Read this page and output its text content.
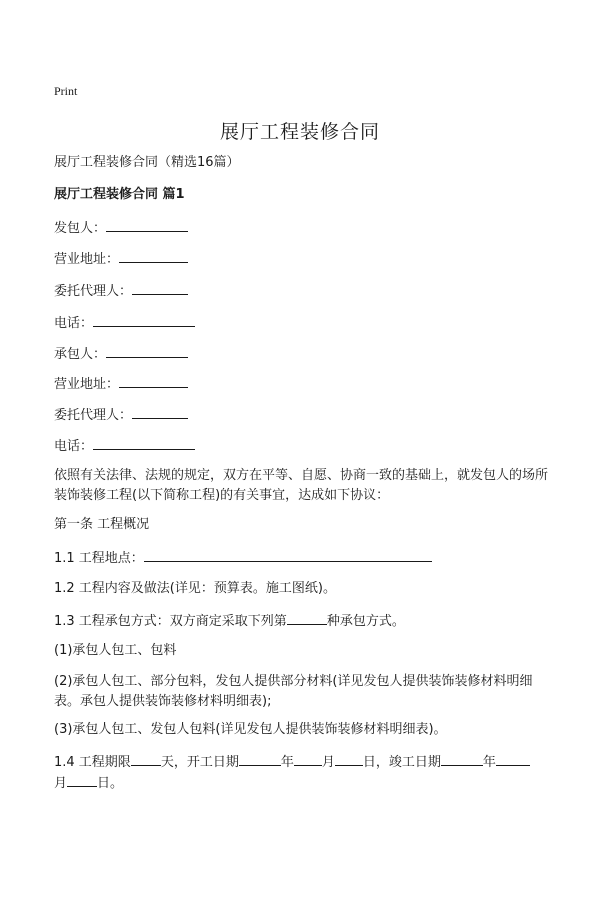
Print
展厅工程装修合同
展厅工程装修合同（精选16篇）
展厅工程装修合同 篇1
发包人：
营业地址：
委托代理人：
电话：
承包人：
营业地址：
委托代理人：
电话：
依照有关法律、法规的规定，双方在平等、自愿、协商一致的基础上，就发包人的场所装饰装修工程(以下简称工程)的有关事宜，达成如下协议：
第一条 工程概况
1.1 工程地点：
1.2 工程内容及做法(详见：预算表。施工图纸)。
1.3 工程承包方式：双方商定采取下列第	种承包方式。
(1)承包人包工、包料
(2)承包人包工、部分包料，发包人提供部分材料(详见发包人提供装饰装修材料明细表。承包人提供装饰装修材料明细表);
(3)承包人包工、发包人包料(详见发包人提供装饰装修材料明细表)。
1.4 工程期限 天，开工日期	年 月 日，竣工日期	年
月 日。
